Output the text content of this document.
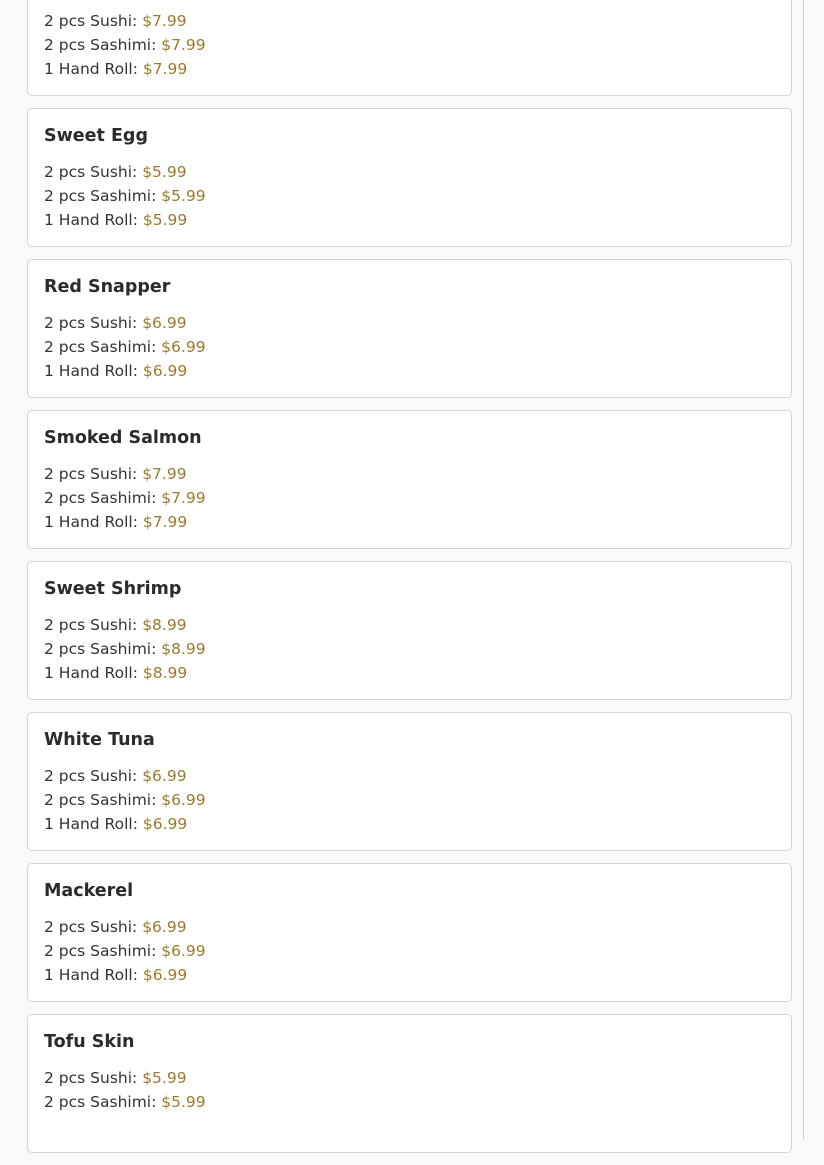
2 pcs Sushi: $7.99
2 pcs Sashimi: $7.99
1 Hand Roll: $7.99
Sweet Egg
2 pcs Sushi: $5.99
2 pcs Sashimi: $5.99
1 Hand Roll: $5.99
Red Snapper
2 pcs Sushi: $6.99
2 pcs Sashimi: $6.99
1 Hand Roll: $6.99
Smoked Salmon
2 pcs Sushi: $7.99
2 pcs Sashimi: $7.99
1 Hand Roll: $7.99
Sweet Shrimp
2 pcs Sushi: $8.99
2 pcs Sashimi: $8.99
1 Hand Roll: $8.99
White Tuna
2 pcs Sushi: $6.99
2 pcs Sashimi: $6.99
1 Hand Roll: $6.99
Mackerel
2 pcs Sushi: $6.99
2 pcs Sashimi: $6.99
1 Hand Roll: $6.99
Tofu Skin
2 pcs Sushi: $5.99
2 pcs Sashimi: $5.99
